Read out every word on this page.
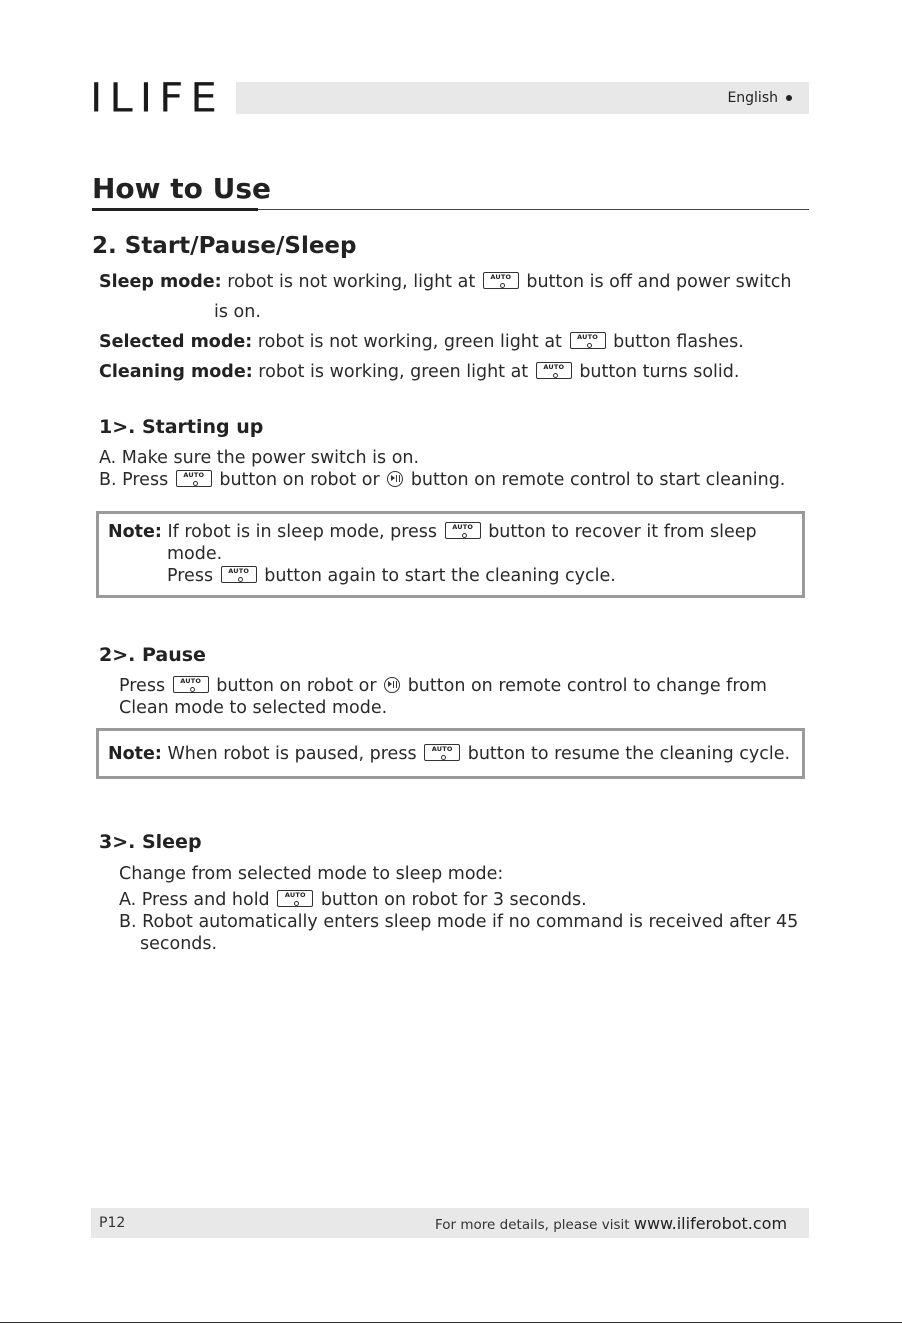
ILIFE	English
How to Use
2. Start/Pause/Sleep
Sleep mode: robot is not working, light at	AUTO button is off and power switch
is on.
Selected mode: robot is not working, green light at	AUTO button flashes.
Cleaning mode: robot is working, green light at	AUTO button turns solid.
1>. Starting up
A. Make sure the power switch is on.
B. Press	AUTO button on robot or button on remote control to start cleaning.
Note: If robot is in sleep mode, press	AUTO button to recover it from sleep
mode.
Press	AUTO button again to start the cleaning cycle.
2>. Pause
Press	AUTO button on robot or button on remote control to change from
Clean mode to selected mode.
Note: When robot is paused, press	AUTO button to resume the cleaning cycle.
3>. Sleep
Change from selected mode to sleep mode:
A. Press and hold	AUTO button on robot for 3 seconds.
B. Robot automatically enters sleep mode if no command is received after 45
seconds.
P12	For more details, please visit www.iliferobot.com
